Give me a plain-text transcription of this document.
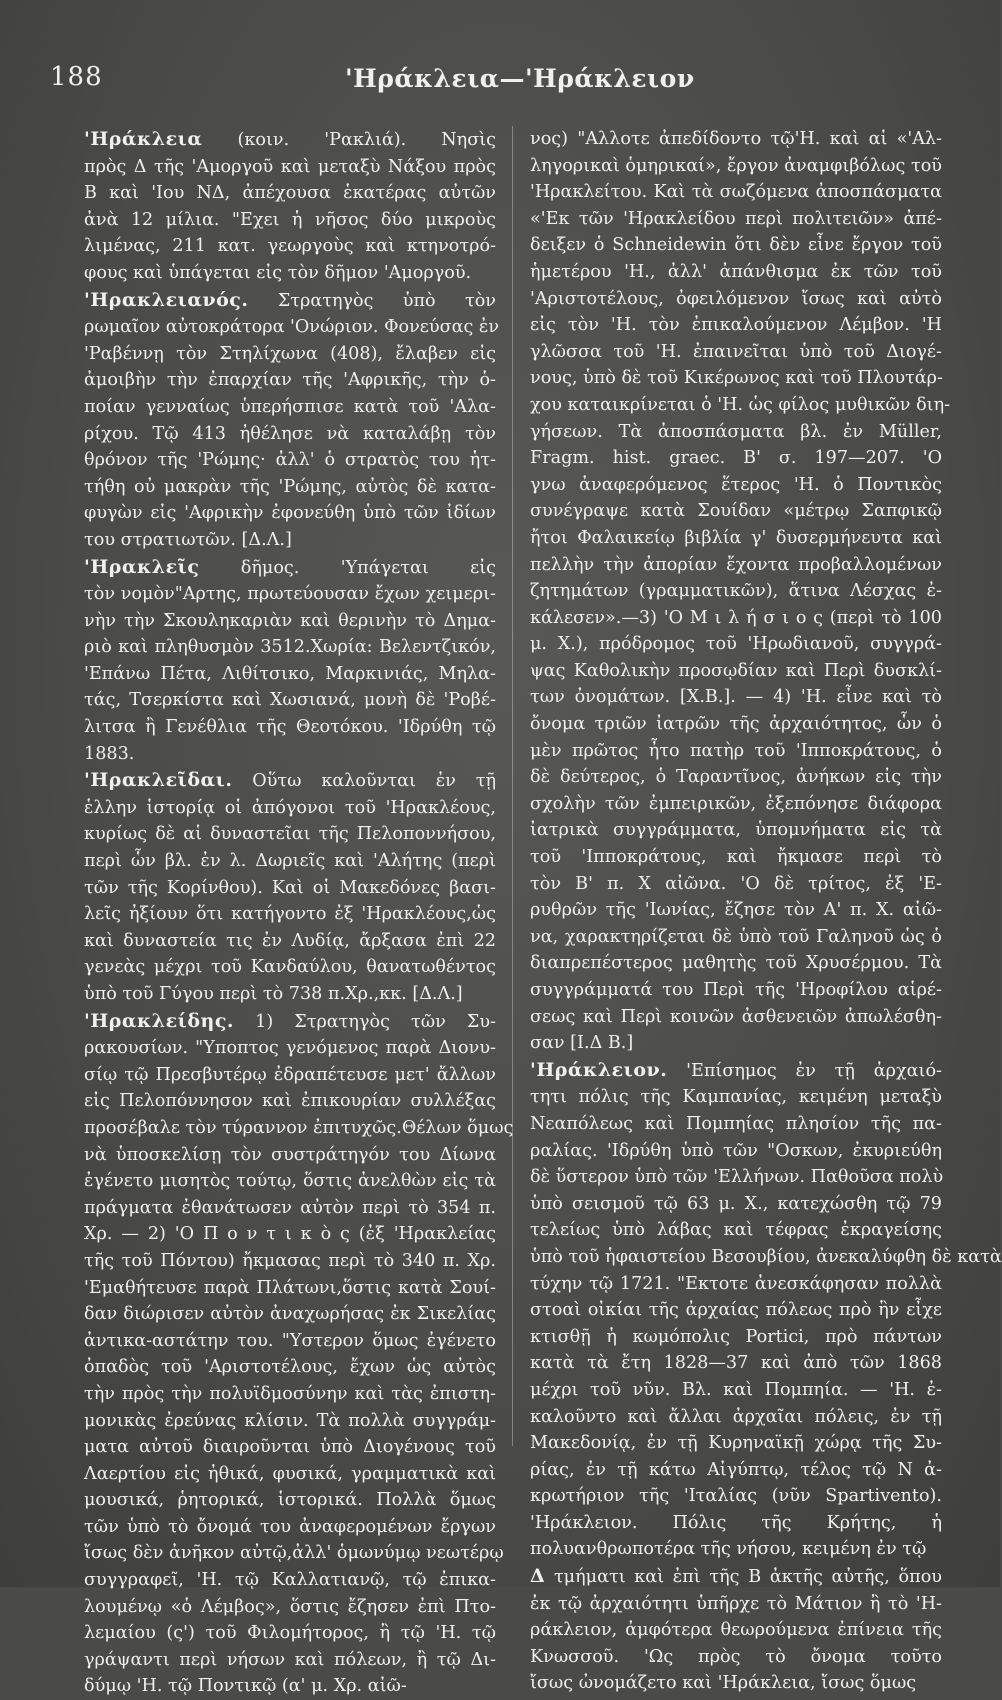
188	'Ηράκλεια—'Ηράκλειον
'Ηράκλεια (κοιν. 'Ρακλιά). Νησὶς
πρὸς Δ τῆς 'Αμοργοῦ καὶ μεταξὺ Νάξου πρὸς
Β καὶ 'Ιου ΝΔ, ἀπέχουσα ἑκατέρας αὐτῶν
ἀνὰ 12 μίλια. "Εχει ἡ νῆσος δύο μικροὺς
λιμένας, 211 κατ. γεωργοὺς καὶ κτηνοτρό-
φους καὶ ὑπάγεται εἰς τὸν δῆμον 'Αμοργοῦ.
'Ηρακλειανός. Στρατηγὸς ὑπὸ τὸν
ρωμαῖον αὐτοκράτορα 'Ονώριον. Φονεύσας ἐν
'Ραβέννῃ τὸν Στηλίχωνα (408), ἔλαβεν εἰς
ἀμοιβὴν τὴν ἐπαρχίαν τῆς 'Αφρικῆς, τὴν ὁ-
ποίαν γενναίως ὑπερήσπισε κατὰ τοῦ 'Αλα-
ρίχου. Τῷ 413 ἠθέλησε νὰ καταλάβῃ τὸν
θρόνον τῆς 'Ρώμης· ἀλλ' ὁ στρατὸς του ἡτ-
τήθη οὐ μακρὰν τῆς 'Ρώμης, αὐτὸς δὲ κατα-
φυγὼν εἰς 'Αφρικὴν ἐφονεύθη ὑπὸ τῶν ἰδίων
του στρατιωτῶν. [Δ.Λ.]
'Ηρακλεῖς δῆμος. 'Υπάγεται εἰς
τὸν νομὸν"Αρτης, πρωτεύουσαν ἔχων χειμερι-
νὴν τὴν Σκουληκαριὰν καὶ θερινὴν τὸ Δημα-
ριὸ καὶ πληθυσμὸν 3512.Χωρία: Βελεντζικόν,
'Επάνω Πέτα, Λιθίτσικο, Μαρκινιάς, Μηλα-
τάς, Τσερκίστα καὶ Χωσιανά, μονὴ δὲ 'Ροβέ-
λιτσα ἢ Γενέθλια τῆς Θεοτόκου. 'Ιδρύθη τῷ
1883.
'Ηρακλεῖδαι. Οὕτω καλοῦνται ἐν τῇ
ἑλλην ἱστορίᾳ οἱ ἀπόγονοι τοῦ 'Ηρακλέους,
κυρίως δὲ αἱ δυναστεῖαι τῆς Πελοποννήσου,
περὶ ὧν βλ. ἐν λ. Δωριεῖς καὶ 'Αλήτης (περὶ
τῶν τῆς Κορίνθου). Καὶ οἱ Μακεδόνες βασι-
λεῖς ἠξίουν ὅτι κατήγοντο ἐξ 'Ηρακλέους,ὡς
καὶ δυναστεία τις ἐν Λυδίᾳ, ἄρξασα ἐπὶ 22
γενεὰς μέχρι τοῦ Κανδαύλου, θανατωθέντος
ὑπὸ τοῦ Γύγου περὶ τὸ 738 π.Χρ.,κκ. [Δ.Λ.]
'Ηρακλείδης. 1) Στρατηγὸς τῶν Συ-
ρακουσίων. "Υποπτος γενόμενος παρὰ Διονυ-
σίῳ τῷ Πρεσβυτέρῳ ἐδραπέτευσε μετ' ἄλλων
εἰς Πελοπόννησον καὶ ἐπικουρίαν συλλέξας
προσέβαλε τὸν τύραννον ἐπιτυχῶς.Θέλων ὅμως
νὰ ὑποσκελίσῃ τὸν συστράτηγόν του Δίωνα
ἐγένετο μισητὸς τούτῳ, ὅστις ἀνελθὼν εἰς τὰ
πράγματα ἐθανάτωσεν αὐτὸν περὶ τὸ 354 π.
Χρ. — 2) 'Ο Π ο ν τ ι κ ὸ ς (ἐξ 'Ηρακλείας
τῆς τοῦ Πόντου) ἤκμασας περὶ τὸ 340 π. Χρ.
'Εμαθήτευσε παρὰ Πλάτωνι,ὅστις κατὰ Σουί-
δαν διώρισεν αὐτὸν ἀναχωρήσας ἐκ Σικελίας
ἀντικα-αστάτην του. "Υστερον ὅμως ἐγένετο
ὀπαδὸς τοῦ 'Αριστοτέλους, ἔχων ὡς αὐτὸς
τὴν πρὸς τὴν πολυϊδμοσύνην καὶ τὰς ἐπιστη-
μονικὰς ἐρεύνας κλίσιν. Τὰ πολλὰ συγγράμ-
ματα αὐτοῦ διαιροῦνται ὑπὸ Διογένους τοῦ
Λαερτίου εἰς ἠθικά, φυσικά, γραμματικὰ καὶ
μουσικά, ῥητορικά, ἱστορικά. Πολλὰ ὅμως
τῶν ὑπὸ τὸ ὄνομά του ἀναφερομένων ἔργων
ἴσως δὲν ἀνῆκον αὐτῷ,ἀλλ' ὁμωνύμῳ νεωτέρῳ
συγγραφεῖ, 'Η. τῷ Καλλατιανῷ, τῷ ἐπικα-
λουμένῳ «ὁ Λέμβος», ὅστις ἔζησεν ἐπὶ Πτο-
λεμαίου (ς') τοῦ Φιλομήτορος, ἢ τῷ 'Η. τῷ
γράψαντι περὶ νήσων καὶ πόλεων, ἢ τῷ Δι-
δύμῳ 'Η. τῷ Ποντικῷ (α' μ. Χρ. αἰῶ-
νος) "Αλλοτε ἀπεδίδοντο τῷ'Η. καὶ αἱ «'Αλ-
ληγορικαὶ ὁμηρικαί», ἔργον ἀναμφιβόλως τοῦ
'Ηρακλείτου. Καὶ τὰ σωζόμενα ἀποσπάσματα
«'Εκ τῶν 'Ηρακλείδου περὶ πολιτειῶν» ἀπέ-
δειξεν ὁ Schneidewin ὅτι δὲν εἶνε ἔργον τοῦ
ἡμετέρου 'Η., ἀλλ' ἀπάνθισμα ἐκ τῶν τοῦ
'Αριστοτέλους, ὀφειλόμενον ἴσως καὶ αὐτὸ
εἰς τὸν 'Η. τὸν ἐπικαλούμενον Λέμβον. 'Η
γλῶσσα τοῦ 'Η. ἐπαινεῖται ὑπὸ τοῦ Διογέ-
νους, ὑπὸ δὲ τοῦ Κικέρωνος καὶ τοῦ Πλουτάρ-
χου καταικρίνεται ὁ 'Η. ὡς φίλος μυθικῶν διη-
γήσεων. Τὰ ἀποσπάσματα βλ. ἐν Müller,
Fragm. hist. graec. Β' σ. 197—207. 'Ο
γνω ἀναφερόμενος ἕτερος 'Η. ὁ Ποντικὸς
συνέγραψε κατὰ Σουίδαν «μέτρῳ Σαπφικῷ
ἤτοι Φαλαικείῳ βιβλία γ' δυσερμήνευτα καὶ
πελλὴν τὴν ἀπορίαν ἔχοντα προβαλλομένων
ζητημάτων (γραμματικῶν), ἅτινα Λέσχας ἐ-
κάλεσεν».—3) 'Ο Μ ι λ ή σ ι ο ς (περὶ τὸ 100
μ. Χ.), πρόδρομος τοῦ 'Ηρωδιανοῦ, συγγρά-
ψας Καθολικὴν προσῳδίαν καὶ Περὶ δυσκλί-
των ὀνομάτων. [Χ.Β.]. — 4) 'Η. εἶνε καὶ τὸ
ὄνομα τριῶν ἰατρῶν τῆς ἀρχαιότητος, ὧν ὁ
μὲν πρῶτος ἦτο πατὴρ τοῦ 'Ιπποκράτους, ὁ
δὲ δεύτερος, ὁ Ταραντῖνος, ἀνήκων εἰς τὴν
σχολὴν τῶν ἐμπειρικῶν, ἐξεπόνησε διάφορα
ἰατρικὰ συγγράμματα, ὑπομνήματα εἰς τὰ
τοῦ 'Ιπποκράτους, καὶ ἤκμασε περὶ τὸ
τὸν Β' π. Χ αἰῶνα. 'Ο δὲ τρίτος, ἐξ 'Ε-
ρυθρῶν τῆς 'Ιωνίας, ἔζησε τὸν Α' π. Χ. αἰῶ-
να, χαρακτηρίζεται δὲ ὑπὸ τοῦ Γαληνοῦ ὡς ὁ
διαπρεπέστερος μαθητὴς τοῦ Χρυσέρμου. Τὰ
συγγράμματά του Περὶ τῆς 'Ηροφίλου αἱρέ-
σεως καὶ Περὶ κοινῶν ἀσθενειῶν ἀπωλέσθη-
σαν [Ι.Δ Β.]
'Ηράκλειον. 'Επίσημος ἐν τῇ ἀρχαιό-
τητι πόλις τῆς Καμπανίας, κειμένη μεταξὺ
Νεαπόλεως καὶ Πομπηίας πλησίον τῆς πα-
ραλίας. 'Ιδρύθη ὑπὸ τῶν "Οσκων, ἐκυριεύθη
δὲ ὕστερον ὑπὸ τῶν 'Ελλήνων. Παθοῦσα πολὺ
ὑπὸ σεισμοῦ τῷ 63 μ. Χ., κατεχώσθη τῷ 79
τελείως ὑπὸ λάβας καὶ τέφρας ἐκραγείσης
ὑπὸ τοῦ ἡφαιστείου Βεσουβίου, ἀνεκαλύφθη δὲ κατὰ
τύχην τῷ 1721. "Εκτοτε ἀνεσκάφησαν πολλὰ
στοαὶ οἰκίαι τῆς ἀρχαίας πόλεως πρὸ ἣν εἶχε
κτισθῇ ἡ κωμόπολις Portici, πρὸ πάντων
κατὰ τὰ ἔτη 1828—37 καὶ ἀπὸ τῶν 1868
μέχρι τοῦ νῦν. Βλ. καὶ Πομπηία. — 'Η. ἐ-
καλοῦντο καὶ ἄλλαι ἀρχαῖαι πόλεις, ἐν τῇ
Μακεδονίᾳ, ἐν τῇ Κυρηναϊκῇ χώρᾳ τῆς Συ-
ρίας, ἐν τῇ κάτω Αἰγύπτῳ, τέλος τῷ Ν ἀ-
κρωτήριον τῆς 'Ιταλίας (νῦν Spartivento).
'Ηράκλειον. Πόλις τῆς Κρήτης, ἡ
πολυανθρωποτέρα τῆς νήσου, κειμένη ἐν τῷ
Δ τμήματι καὶ ἐπὶ τῆς Β ἀκτῆς αὐτῆς, ὅπου
ἐκ τῷ ἀρχαιότητι ὑπῆρχε τὸ Μάτιον ἢ τὸ 'Η-
ράκλειον, ἀμφότερα θεωρούμενα ἐπίνεια τῆς
Κνωσσοῦ. 'Ως πρὸς τὸ ὄνομα τοῦτο
ἴσως ὠνομάζετο καὶ 'Ηράκλεια, ἴσως ὅμως
